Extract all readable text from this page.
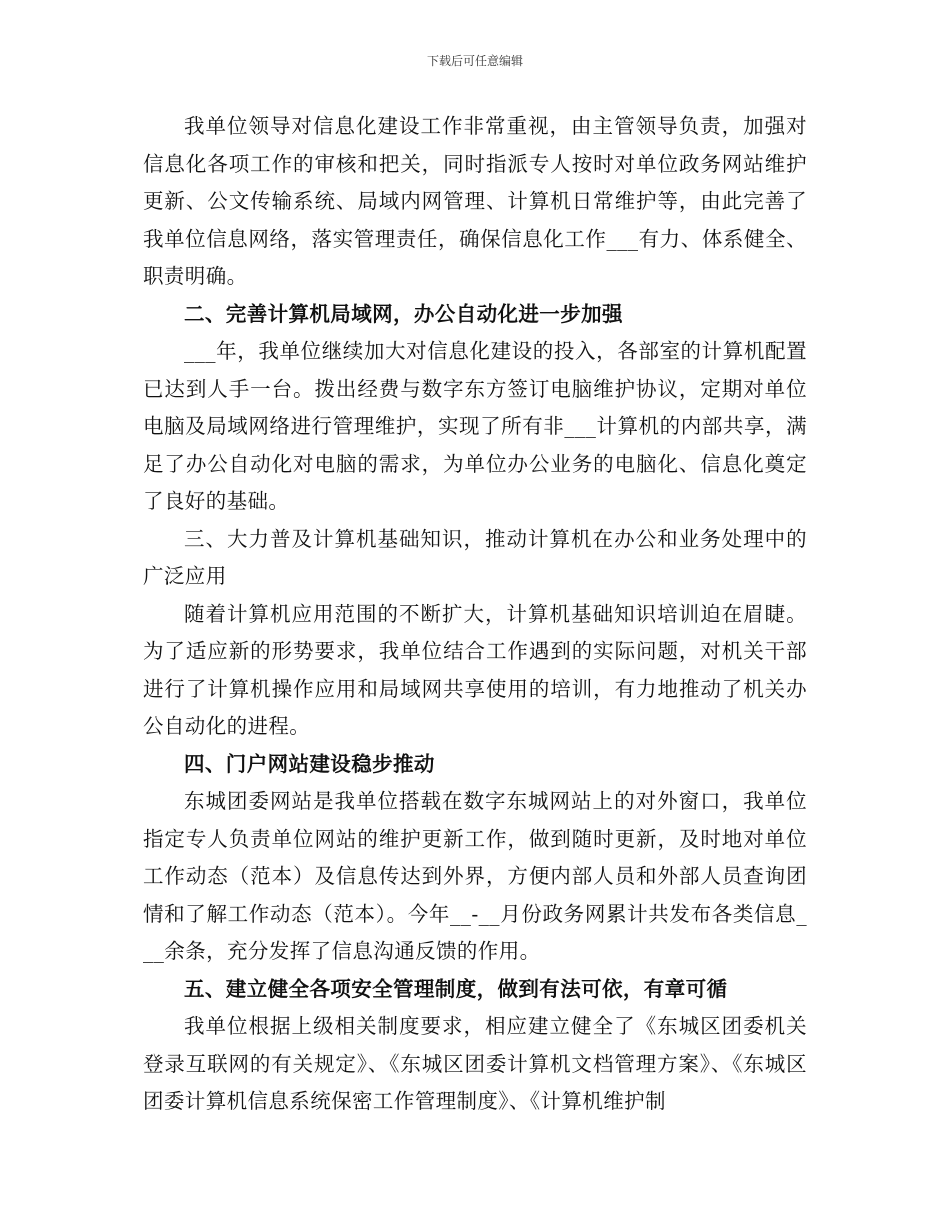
下载后可任意编辑

我单位领导对信息化建设工作非常重视，由主管领导负责，加强对信息化各项工作的审核和把关，同时指派专人按时对单位政务网站维护更新、公文传输系统、局域内网管理、计算机日常维护等，由此完善了我单位信息网络，落实管理责任，确保信息化工作___有力、体系健全、职责明确。

二、完善计算机局域网，办公自动化进一步加强

___年，我单位继续加大对信息化建设的投入，各部室的计算机配置已达到人手一台。拨出经费与数字东方签订电脑维护协议，定期对单位电脑及局域网络进行管理维护，实现了所有非___计算机的内部共享，满足了办公自动化对电脑的需求，为单位办公业务的电脑化、信息化奠定了良好的基础。

三、大力普及计算机基础知识，推动计算机在办公和业务处理中的广泛应用

随着计算机应用范围的不断扩大，计算机基础知识培训迫在眉睫。为了适应新的形势要求，我单位结合工作遇到的实际问题，对机关干部进行了计算机操作应用和局域网共享使用的培训，有力地推动了机关办公自动化的进程。

四、门户网站建设稳步推动

东城团委网站是我单位搭载在数字东城网站上的对外窗口，我单位指定专人负责单位网站的维护更新工作，做到随时更新，及时地对单位工作动态（范本）及信息传达到外界，方便内部人员和外部人员查询团情和了解工作动态（范本）。今年__-__月份政务网累计共发布各类信息___余条，充分发挥了信息沟通反馈的作用。

五、建立健全各项安全管理制度，做到有法可依，有章可循

我单位根据上级相关制度要求，相应建立健全了《东城区团委机关登录互联网的有关规定》、《东城区团委计算机文档管理方案》、《东城区团委计算机信息系统保密工作管理制度》、《计算机维护制
